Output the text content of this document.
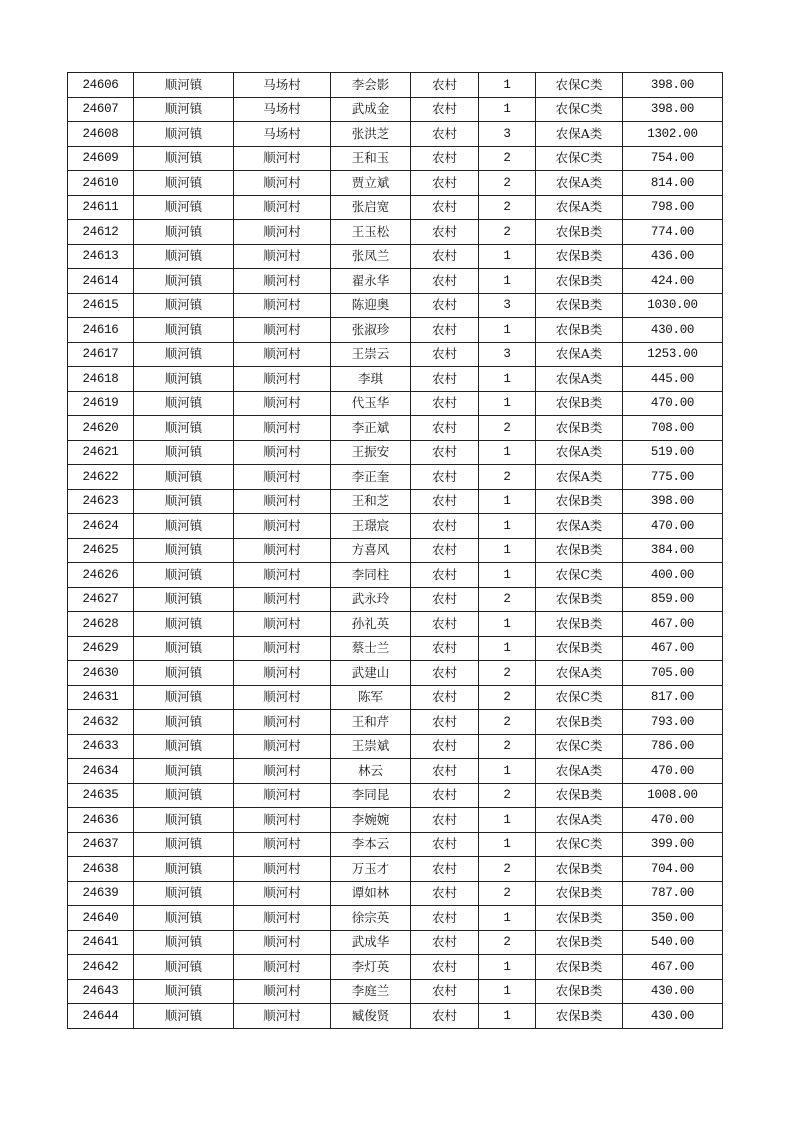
24606	顺河镇	马场村	李会影	农村	1	农保C类	398.00
24607	顺河镇	马场村	武成金	农村	1	农保C类	398.00
24608	顺河镇	马场村	张洪芝	农村	3	农保A类	1302.00
24609	顺河镇	顺河村	王和玉	农村	2	农保C类	754.00
24610	顺河镇	顺河村	贾立斌	农村	2	农保A类	814.00
24611	顺河镇	顺河村	张启宽	农村	2	农保A类	798.00
24612	顺河镇	顺河村	王玉松	农村	2	农保B类	774.00
24613	顺河镇	顺河村	张凤兰	农村	1	农保B类	436.00
24614	顺河镇	顺河村	翟永华	农村	1	农保B类	424.00
24615	顺河镇	顺河村	陈迎奥	农村	3	农保B类	1030.00
24616	顺河镇	顺河村	张淑珍	农村	1	农保B类	430.00
24617	顺河镇	顺河村	王崇云	农村	3	农保A类	1253.00
24618	顺河镇	顺河村	李琪	农村	1	农保A类	445.00
24619	顺河镇	顺河村	代玉华	农村	1	农保B类	470.00
24620	顺河镇	顺河村	李正斌	农村	2	农保B类	708.00
24621	顺河镇	顺河村	王振安	农村	1	农保A类	519.00
24622	顺河镇	顺河村	李正奎	农村	2	农保A类	775.00
24623	顺河镇	顺河村	王和芝	农村	1	农保B类	398.00
24624	顺河镇	顺河村	王璟宸	农村	1	农保A类	470.00
24625	顺河镇	顺河村	方喜风	农村	1	农保B类	384.00
24626	顺河镇	顺河村	李同柱	农村	1	农保C类	400.00
24627	顺河镇	顺河村	武永玲	农村	2	农保B类	859.00
24628	顺河镇	顺河村	孙礼英	农村	1	农保B类	467.00
24629	顺河镇	顺河村	蔡士兰	农村	1	农保B类	467.00
24630	顺河镇	顺河村	武建山	农村	2	农保A类	705.00
24631	顺河镇	顺河村	陈军	农村	2	农保C类	817.00
24632	顺河镇	顺河村	王和芹	农村	2	农保B类	793.00
24633	顺河镇	顺河村	王崇斌	农村	2	农保C类	786.00
24634	顺河镇	顺河村	林云	农村	1	农保A类	470.00
24635	顺河镇	顺河村	李同昆	农村	2	农保B类	1008.00
24636	顺河镇	顺河村	李婉婉	农村	1	农保A类	470.00
24637	顺河镇	顺河村	李本云	农村	1	农保C类	399.00
24638	顺河镇	顺河村	万玉才	农村	2	农保B类	704.00
24639	顺河镇	顺河村	谭如林	农村	2	农保B类	787.00
24640	顺河镇	顺河村	徐宗英	农村	1	农保B类	350.00
24641	顺河镇	顺河村	武成华	农村	2	农保B类	540.00
24642	顺河镇	顺河村	李灯英	农村	1	农保B类	467.00
24643	顺河镇	顺河村	李庭兰	农村	1	农保B类	430.00
24644	顺河镇	顺河村	臧俊贤	农村	1	农保B类	430.00
